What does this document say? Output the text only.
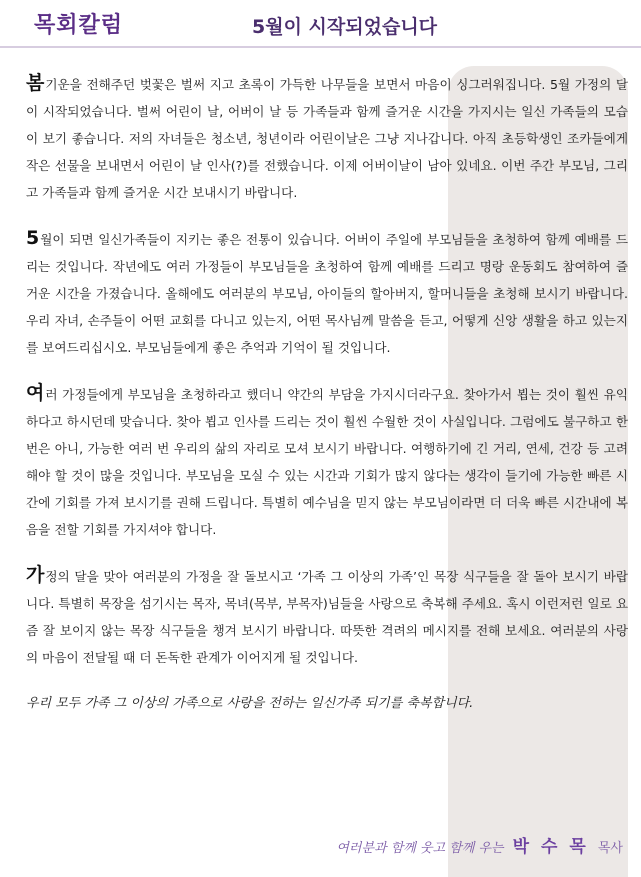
목회칼럼	5월이 시작되었습니다

봄기운을 전해주던 벚꽃은 벌써 지고 초록이 가득한 나무들을 보면서 마음이 싱그러워집니다. 5월 가정의 달이 시작되었습니다. 벌써 어린이 날, 어버이 날 등 가족들과 함께 즐거운 시간을 가지시는 일신 가족들의 모습이 보기 좋습니다. 저의 자녀들은 청소년, 청년이라 어린이날은 그냥 지나갑니다. 아직 초등학생인 조카들에게 작은 선물을 보내면서 어린이 날 인사(?)를 전했습니다. 이제 어버이날이 남아 있네요. 이번 주간 부모님, 그리고 가족들과 함께 즐거운 시간 보내시기 바랍니다.

5월이 되면 일신가족들이 지키는 좋은 전통이 있습니다. 어버이 주일에 부모님들을 초청하여 함께 예배를 드리는 것입니다. 작년에도 여러 가정들이 부모님들을 초청하여 함께 예배를 드리고 명랑 운동회도 참여하여 즐거운 시간을 가졌습니다. 올해에도 여러분의 부모님, 아이들의 할아버지, 할머니들을 초청해 보시기 바랍니다. 우리 자녀, 손주들이 어떤 교회를 다니고 있는지, 어떤 목사님께 말씀을 듣고, 어떻게 신앙 생활을 하고 있는지를 보여드리십시오. 부모님들에게 좋은 추억과 기억이 될 것입니다.

여러 가정들에게 부모님을 초청하라고 했더니 약간의 부담을 가지시더라구요. 찾아가서 뵙는 것이 훨씬 유익하다고 하시던데 맞습니다. 찾아 뵙고 인사를 드리는 것이 훨씬 수월한 것이 사실입니다. 그럼에도 불구하고 한번은 아니, 가능한 여러 번 우리의 삶의 자리로 모셔 보시기 바랍니다. 여행하기에 긴 거리, 연세, 건강 등 고려해야 할 것이 많을 것입니다. 부모님을 모실 수 있는 시간과 기회가 많지 않다는 생각이 들기에 가능한 빠른 시간에 기회를 가져 보시기를 권해 드립니다. 특별히 예수님을 믿지 않는 부모님이라면 더 더욱 빠른 시간내에 복음을 전할 기회를 가지셔야 합니다.

가정의 달을 맞아 여러분의 가정을 잘 돌보시고 ‘가족 그 이상의 가족’인 목장 식구들을 잘 돌아 보시기 바랍니다. 특별히 목장을 섬기시는 목자, 목녀(목부, 부목자)님들을 사랑으로 축복해 주세요. 혹시 이런저런 일로 요즘 잘 보이지 않는 목장 식구들을 챙겨 보시기 바랍니다. 따뜻한 격려의 메시지를 전해 보세요. 여러분의 사랑의 마음이 전달될 때 더 돈독한 관계가 이어지게 될 것입니다.

우리 모두 가족 그 이상의 가족으로 사랑을 전하는 일신가족 되기를 축복합니다.

여러분과 함께 웃고 함께 우는 박 수 목 목사
